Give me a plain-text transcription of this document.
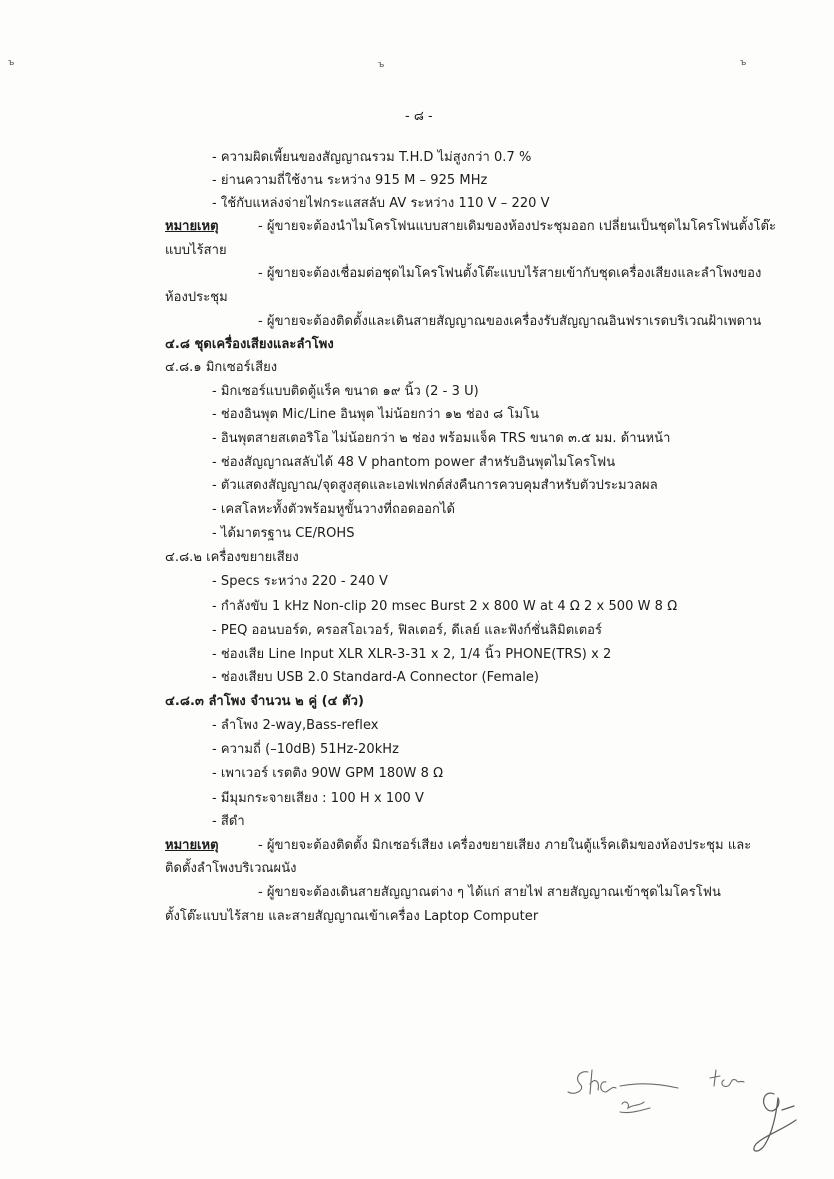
ъ	ъ	ъ
- ๘ -
- ความผิดเพี้ยนของสัญญาณรวม T.H.D ไม่สูงกว่า 0.7 %
- ย่านความถี่ใช้งาน ระหว่าง 915 M – 925 MHz
- ใช้กับแหล่งจ่ายไฟกระแสสลับ AV ระหว่าง 110 V – 220 V
หมายเหตุ	- ผู้ขายจะต้องนำไมโครโฟนแบบสายเดิมของห้องประชุมออก เปลี่ยนเป็นชุดไมโครโฟนตั้งโต๊ะ
แบบไร้สาย
- ผู้ขายจะต้องเชื่อมต่อชุดไมโครโฟนตั้งโต๊ะแบบไร้สายเข้ากับชุดเครื่องเสียงและลำโพงของ
ห้องประชุม
- ผู้ขายจะต้องติดตั้งและเดินสายสัญญาณของเครื่องรับสัญญาณอินฟราเรดบริเวณฝ้าเพดาน
๔.๘ ชุดเครื่องเสียงและลำโพง
๔.๘.๑ มิกเซอร์เสียง
- มิกเซอร์แบบติดตู้แร็ค ขนาด ๑๙ นิ้ว (2 - 3 U)
- ช่องอินพุต Mic/Line อินพุต ไม่น้อยกว่า ๑๒ ช่อง ๘ โมโน
- อินพุตสายสเตอริโอ ไม่น้อยกว่า ๒ ช่อง พร้อมแจ็ค TRS ขนาด ๓.๕ มม. ด้านหน้า
- ช่องสัญญาณสลับได้ 48 V phantom power สำหรับอินพุตไมโครโฟน
- ตัวแสดงสัญญาณ/จุดสูงสุดและเอฟเฟกต์ส่งคืนการควบคุมสำหรับตัวประมวลผล
- เคสโลหะทั้งตัวพร้อมหูขั้นวางที่ถอดออกได้
- ได้มาตรฐาน CE/ROHS
๔.๘.๒ เครื่องขยายเสียง
- Specs ระหว่าง 220 - 240 V
- กำลังขับ 1 kHz Non-clip 20 msec Burst 2 x 800 W at 4 Ω 2 x 500 W 8 Ω
- PEQ ออนบอร์ด, ครอสโอเวอร์, ฟิลเตอร์, ดีเลย์ และฟังก์ชั่นลิมิตเตอร์
- ช่องเสีย Line Input XLR XLR-3-31 x 2, 1/4 นิ้ว PHONE(TRS) x 2
- ช่องเสียบ USB 2.0 Standard-A Connector (Female)
๔.๘.๓ ลำโพง จำนวน ๒ คู่ (๔ ตัว)
- ลำโพง 2-way,Bass-reflex
- ความถี่ (–10dB) 51Hz-20kHz
- เพาเวอร์ เรตติง 90W GPM 180W 8 Ω
- มีมุมกระจายเสียง : 100 H x 100 V
- สีดำ
หมายเหตุ	- ผู้ขายจะต้องติดตั้ง มิกเซอร์เสียง เครื่องขยายเสียง ภายในตู้แร็คเดิมของห้องประชุม และ
ติดตั้งลำโพงบริเวณผนัง
- ผู้ขายจะต้องเดินสายสัญญาณต่าง ๆ ได้แก่ สายไฟ สายสัญญาณเข้าชุดไมโครโฟน
ตั้งโต๊ะแบบไร้สาย และสายสัญญาณเข้าเครื่อง Laptop Computer
